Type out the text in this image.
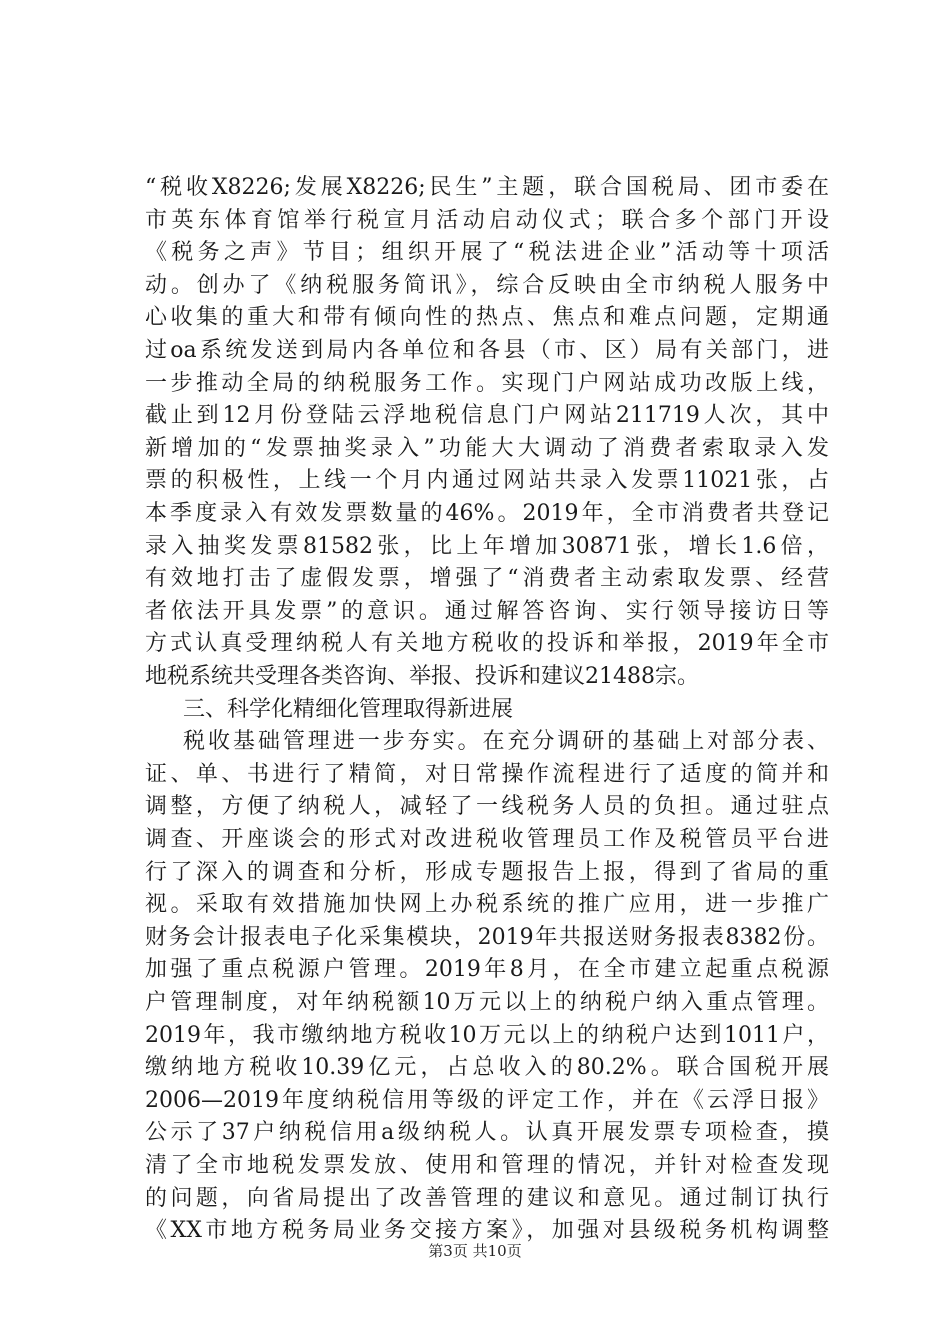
“税收X8226;发展X8226;民生”主题，联合国税局、团市委在
市英东体育馆举行税宣月活动启动仪式；联合多个部门开设
《税务之声》节目；组织开展了“税法进企业”活动等十项活
动。创办了《纳税服务简讯》，综合反映由全市纳税人服务中
心收集的重大和带有倾向性的热点、焦点和难点问题，定期通
过oa系统发送到局内各单位和各县（市、区）局有关部门，进
一步推动全局的纳税服务工作。实现门户网站成功改版上线，
截止到12月份登陆云浮地税信息门户网站211719人次，其中
新增加的“发票抽奖录入”功能大大调动了消费者索取录入发
票的积极性，上线一个月内通过网站共录入发票11021张，占
本季度录入有效发票数量的46%。2019年，全市消费者共登记
录入抽奖发票81582张，比上年增加30871张，增长1.6倍，
有效地打击了虚假发票，增强了“消费者主动索取发票、经营
者依法开具发票”的意识。通过解答咨询、实行领导接访日等
方式认真受理纳税人有关地方税收的投诉和举报，2019年全市
地税系统共受理各类咨询、举报、投诉和建议21488宗。
三、科学化精细化管理取得新进展
税收基础管理进一步夯实。在充分调研的基础上对部分表、
证、单、书进行了精简，对日常操作流程进行了适度的简并和
调整，方便了纳税人，减轻了一线税务人员的负担。通过驻点
调查、开座谈会的形式对改进税收管理员工作及税管员平台进
行了深入的调查和分析，形成专题报告上报，得到了省局的重
视。采取有效措施加快网上办税系统的推广应用，进一步推广
财务会计报表电子化采集模块，2019年共报送财务报表8382份。
加强了重点税源户管理。2019年8月，在全市建立起重点税源
户管理制度，对年纳税额10万元以上的纳税户纳入重点管理。
2019年，我市缴纳地方税收10万元以上的纳税户达到1011户，
缴纳地方税收10.39亿元，占总收入的80.2%。联合国税开展
2006—2019年度纳税信用等级的评定工作，并在《云浮日报》
公示了37户纳税信用a级纳税人。认真开展发票专项检查，摸
清了全市地税发票发放、使用和管理的情况，并针对检查发现
的问题，向省局提出了改善管理的建议和意见。通过制订执行
《XX市地方税务局业务交接方案》，加强对县级税务机构调整
第3页 共10页
